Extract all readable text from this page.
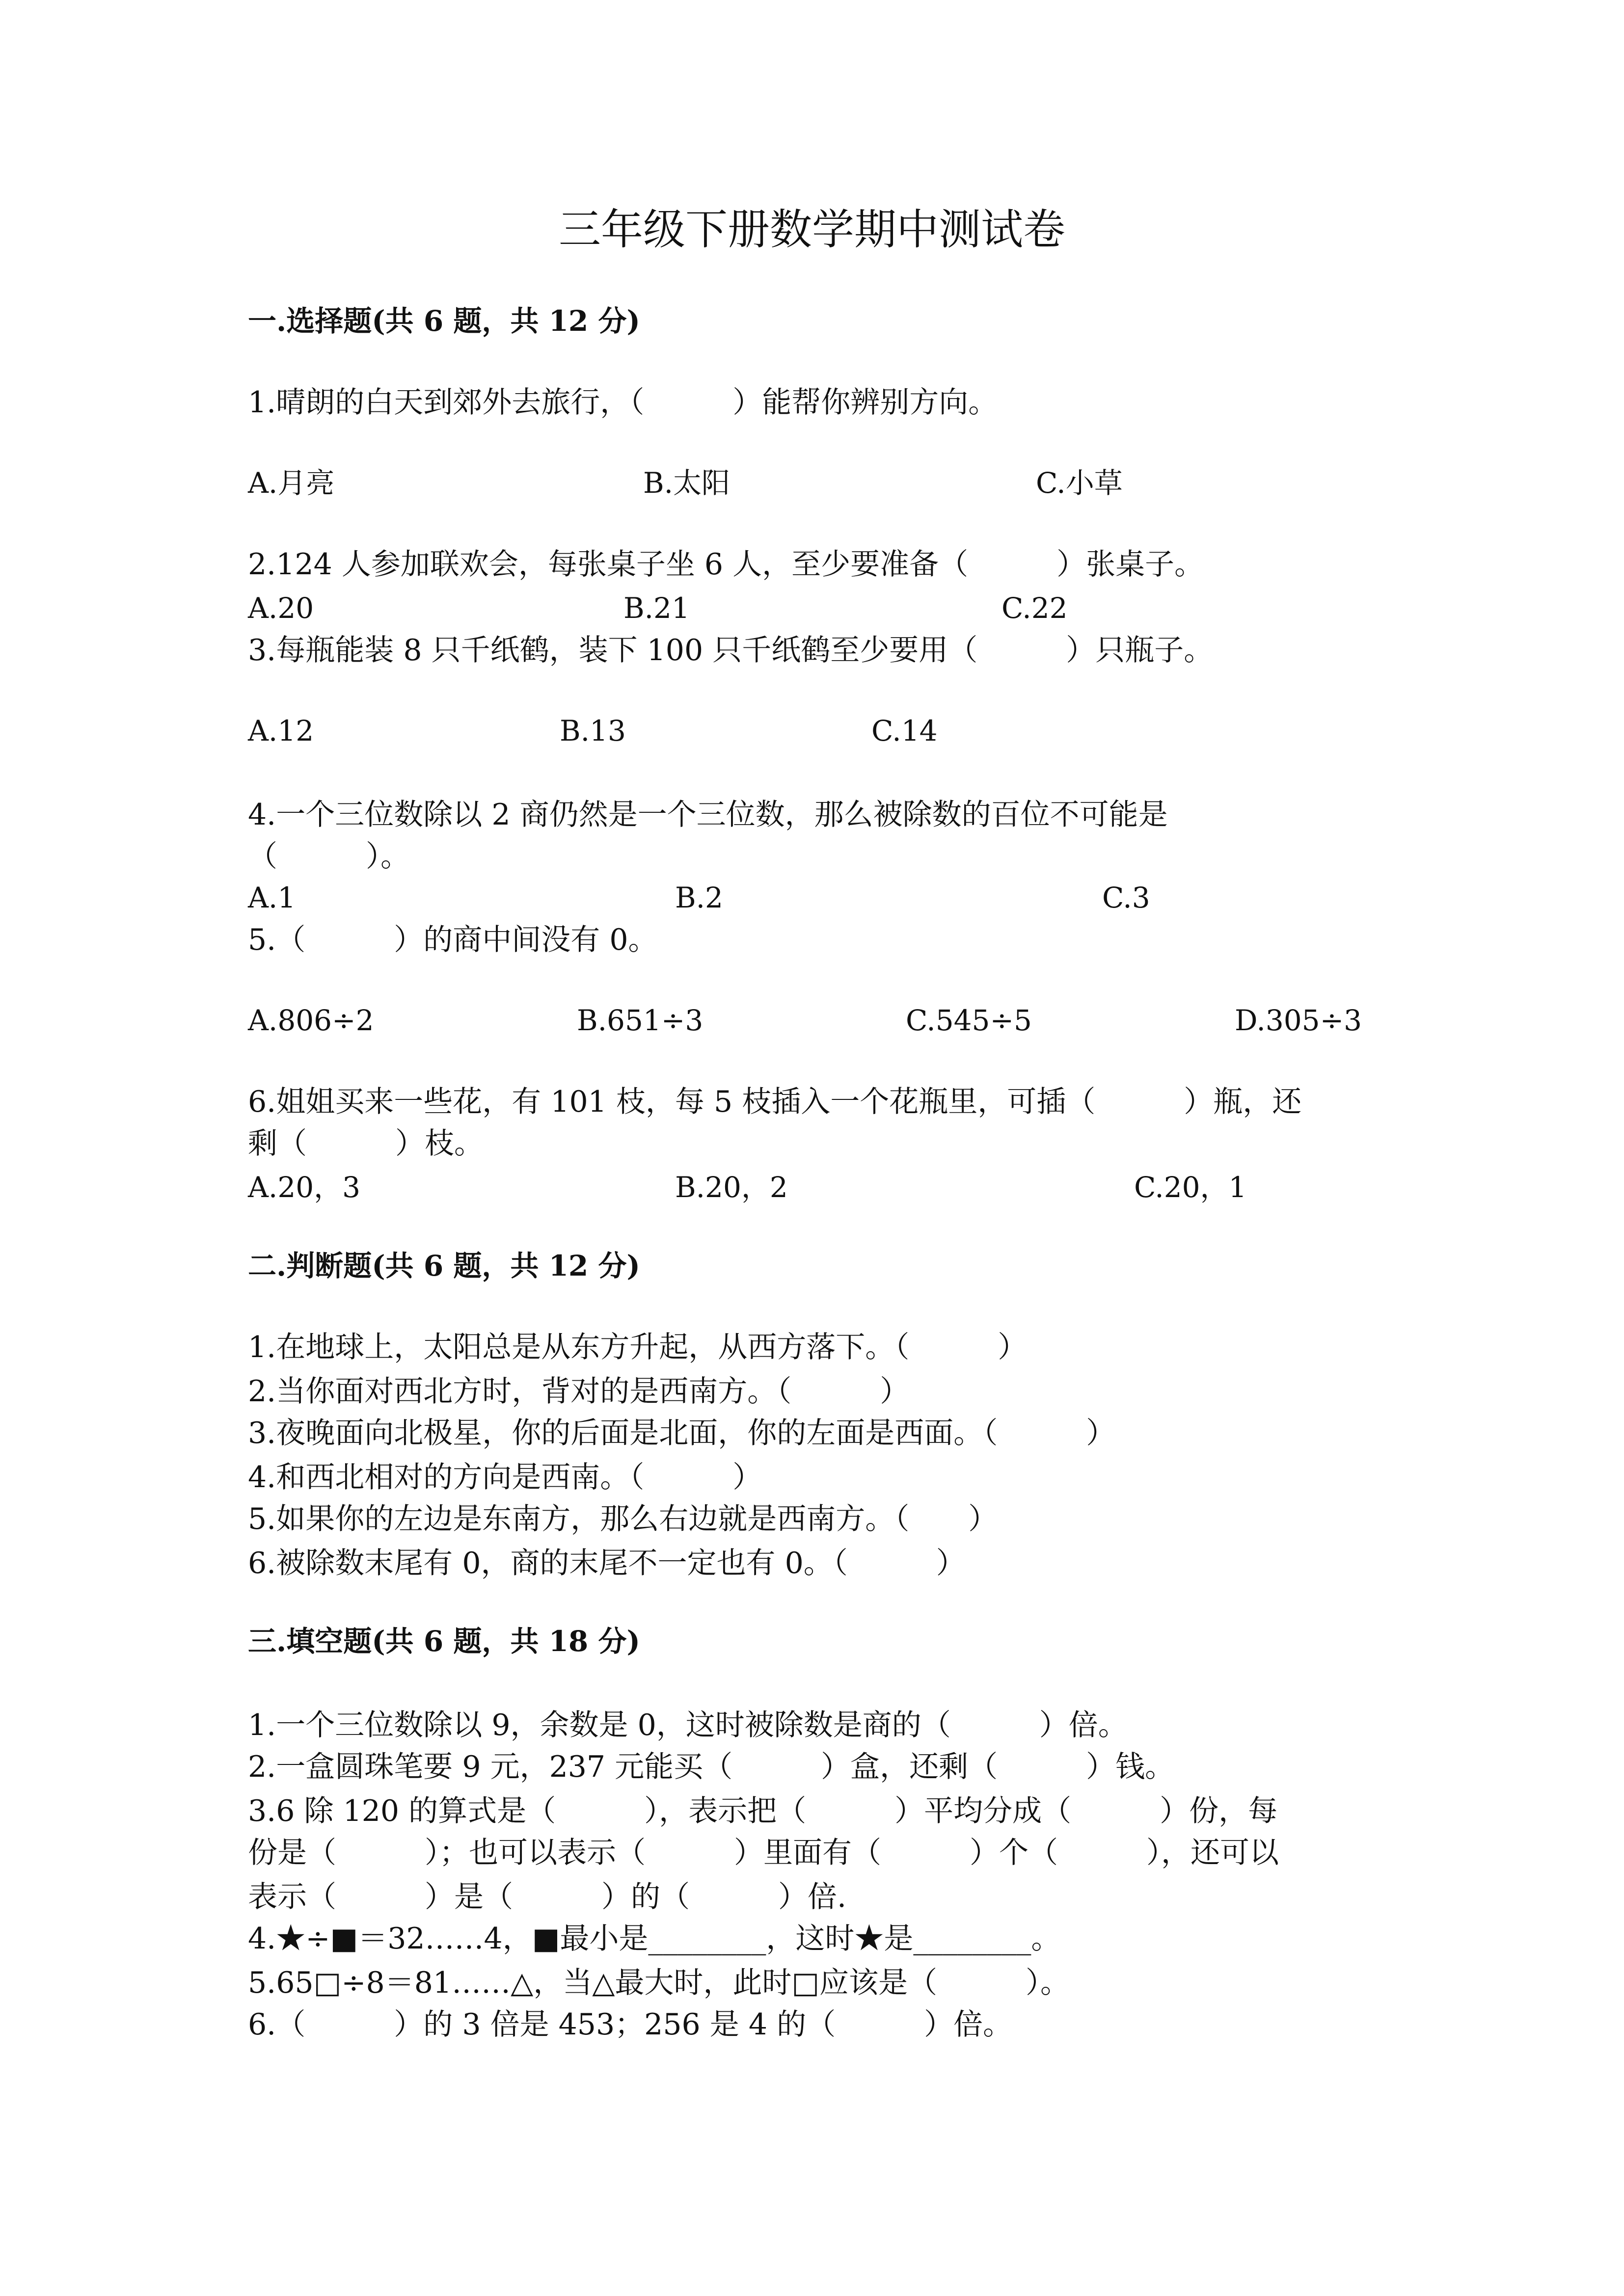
三年级下册数学期中测试卷
一.选择题(共 6 题，共 12 分)
1.晴朗的白天到郊外去旅行，（　　　）能帮你辨别方向。
A.月亮	B.太阳	C.小草
2.124 人参加联欢会，每张桌子坐 6 人，至少要准备（　　　）张桌子。
A.20	B.21	C.22
3.每瓶能装 8 只千纸鹤，装下 100 只千纸鹤至少要用（　　　）只瓶子。
A.12	B.13	C.14
4.一个三位数除以 2 商仍然是一个三位数，那么被除数的百位不可能是
（　　　）。
A.1	B.2	C.3
5.（　　　）的商中间没有 0。
A.806÷2	B.651÷3	C.545÷5	D.305÷3
6.姐姐买来一些花，有 101 枝，每 5 枝插入一个花瓶里，可插（　　　）瓶，还
剩（　　　）枝。
A.20，3	B.20，2	C.20，1
二.判断题(共 6 题，共 12 分)
1.在地球上，太阳总是从东方升起，从西方落下。（　　　）
2.当你面对西北方时，背对的是西南方。（　　　）
3.夜晚面向北极星，你的后面是北面，你的左面是西面。（　　　）
4.和西北相对的方向是西南。（　　　）
5.如果你的左边是东南方，那么右边就是西南方。（　　）
6.被除数末尾有 0，商的末尾不一定也有 0。（　　　）
三.填空题(共 6 题，共 18 分)
1.一个三位数除以 9，余数是 0，这时被除数是商的（　　　）倍。
2.一盒圆珠笔要 9 元，237 元能买（　　　）盒，还剩（　　　）钱。
3.6 除 120 的算式是（　　　），表示把（　　　）平均分成（　　　）份，每
份是（　　　）；也可以表示（　　　）里面有（　　　）个（　　　），还可以
表示（　　　）是（　　　）的（　　　）倍.
4.★÷■＝32……4，■最小是________，这时★是________。
5.65□÷8＝81……△，当△最大时，此时□应该是（　　　）。
6.（　　　）的 3 倍是 453；256 是 4 的（　　　）倍。
